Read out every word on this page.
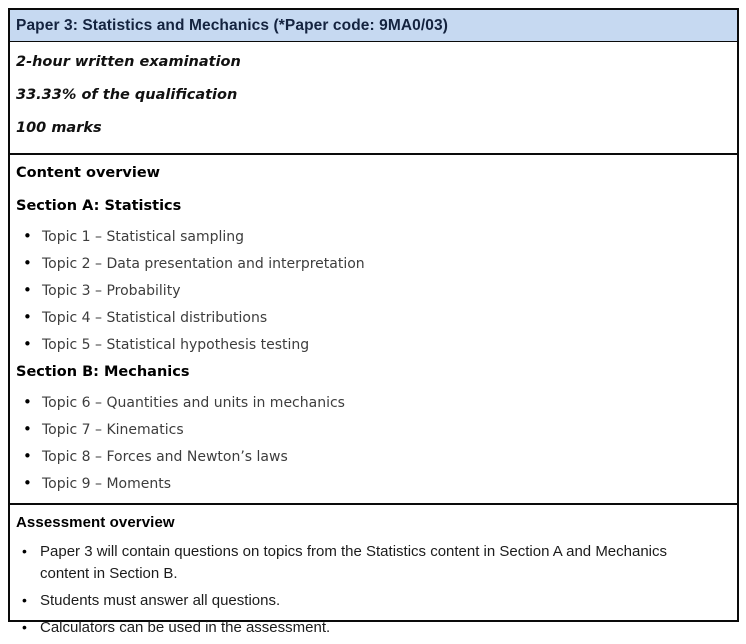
Paper 3: Statistics and Mechanics (*Paper code: 9MA0/03)

2-hour written examination

33.33% of the qualification

100 marks

Content overview
Section A: Statistics
• Topic 1 – Statistical sampling
• Topic 2 – Data presentation and interpretation
• Topic 3 – Probability
• Topic 4 – Statistical distributions
• Topic 5 – Statistical hypothesis testing
Section B: Mechanics
• Topic 6 – Quantities and units in mechanics
• Topic 7 – Kinematics
• Topic 8 – Forces and Newton’s laws
• Topic 9 – Moments
Assessment overview
• Paper 3 will contain questions on topics from the Statistics content in Section A and Mechanics content in Section B.
• Students must answer all questions.
• Calculators can be used in the assessment.
